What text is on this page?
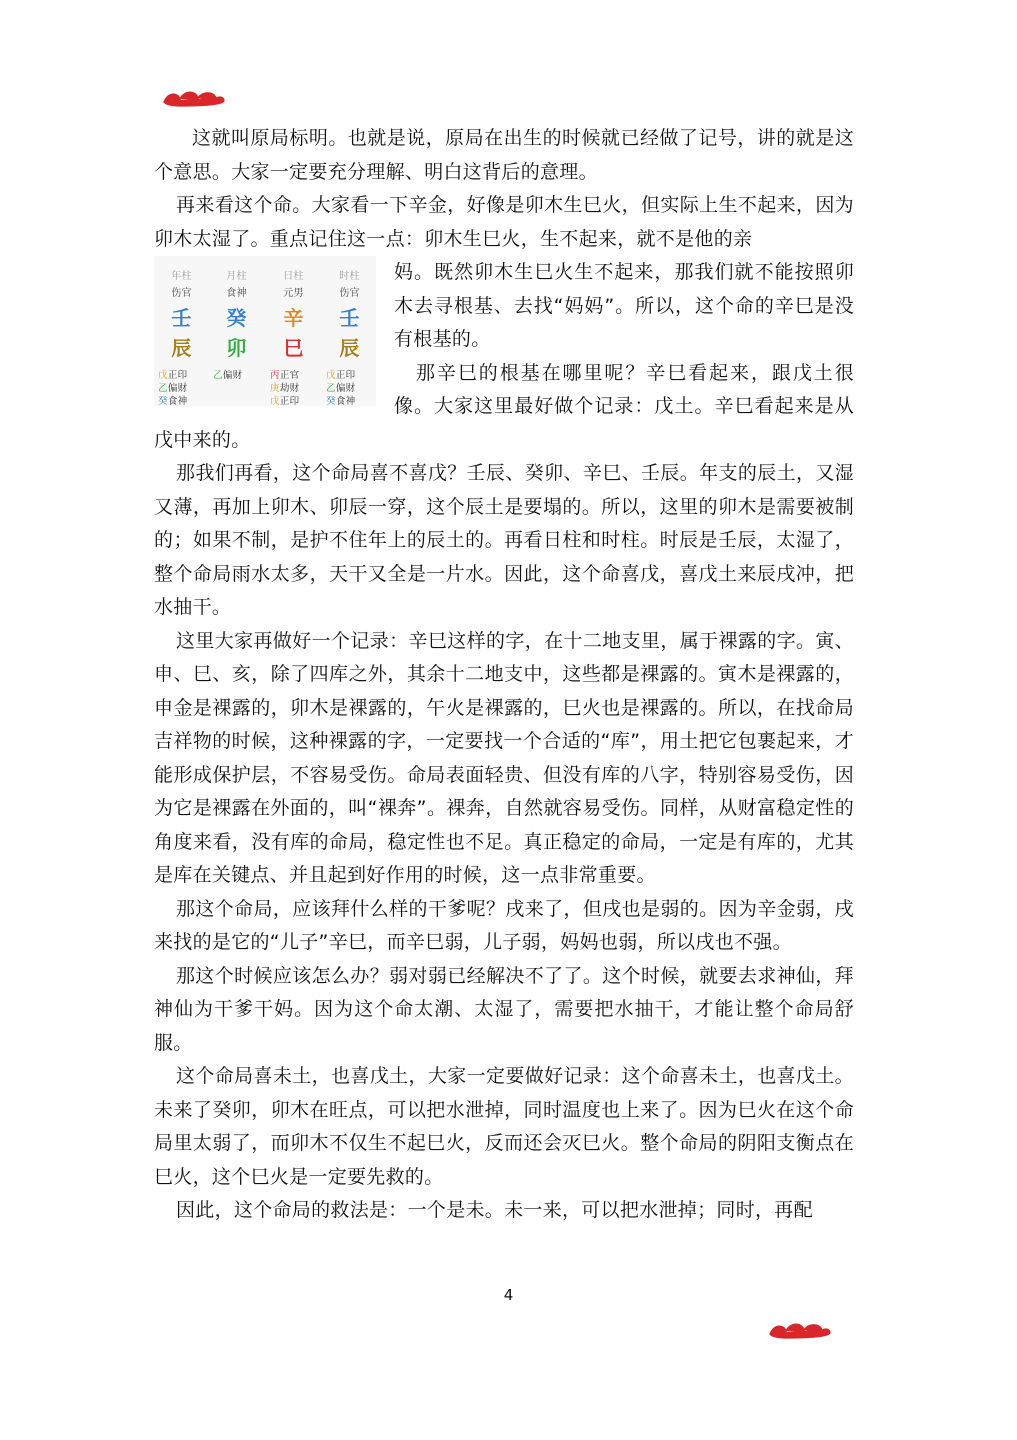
这就叫原局标明。也就是说，原局在出生的时候就已经做了记号，讲的就是这个意思。大家一定要充分理解、明白这背后的意理。

再来看这个命。大家看一下辛金，好像是卯木生巳火，但实际上生不起来，因为卯木太湿了。重点记住这一点：卯木生巳火，生不起来，就不是他的亲

年柱
伤官
壬
辰
戊正印
乙偏财
癸食神
月柱
食神
癸
卯
乙偏财
日柱
元男
辛
巳
丙正官
庚劫财
戊正印
时柱
伤官
壬
辰
戊正印
乙偏财
癸食神

妈。既然卯木生巳火生不起来，那我们就不能按照卯木去寻根基、去找“妈妈”。所以，这个命的辛巳是没有根基的。

那辛巳的根基在哪里呢？辛巳看起来，跟戊土很像。大家这里最好做个记录：戊土。辛巳看起来是从戊中来的。

那我们再看，这个命局喜不喜戊？壬辰、癸卯、辛巳、壬辰。年支的辰土，又湿又薄，再加上卯木、卯辰一穿，这个辰土是要塌的。所以，这里的卯木是需要被制的；如果不制，是护不住年上的辰土的。再看日柱和时柱。时辰是壬辰，太湿了，整个命局雨水太多，天干又全是一片水。因此，这个命喜戊，喜戊土来辰戌冲，把水抽干。

这里大家再做好一个记录：辛巳这样的字，在十二地支里，属于裸露的字。寅、申、巳、亥，除了四库之外，其余十二地支中，这些都是裸露的。寅木是裸露的，申金是裸露的，卯木是裸露的，午火是裸露的，巳火也是裸露的。所以，在找命局吉祥物的时候，这种裸露的字，一定要找一个合适的“库”，用土把它包裹起来，才能形成保护层，不容易受伤。命局表面轻贵、但没有库的八字，特别容易受伤，因为它是裸露在外面的，叫“裸奔”。裸奔，自然就容易受伤。同样，从财富稳定性的角度来看，没有库的命局，稳定性也不足。真正稳定的命局，一定是有库的，尤其是库在关键点、并且起到好作用的时候，这一点非常重要。

那这个命局，应该拜什么样的干爹呢？戌来了，但戌也是弱的。因为辛金弱，戌来找的是它的“儿子”辛巳，而辛巳弱，儿子弱，妈妈也弱，所以戌也不强。

那这个时候应该怎么办？弱对弱已经解决不了了。这个时候，就要去求神仙，拜神仙为干爹干妈。因为这个命太潮、太湿了，需要把水抽干，才能让整个命局舒服。

这个命局喜未土，也喜戊土，大家一定要做好记录：这个命喜未土，也喜戊土。未来了癸卯，卯木在旺点，可以把水泄掉，同时温度也上来了。因为巳火在这个命局里太弱了，而卯木不仅生不起巳火，反而还会灭巳火。整个命局的阴阳支衡点在巳火，这个巳火是一定要先救的。

因此，这个命局的救法是：一个是未。未一来，可以把水泄掉；同时，再配

4
